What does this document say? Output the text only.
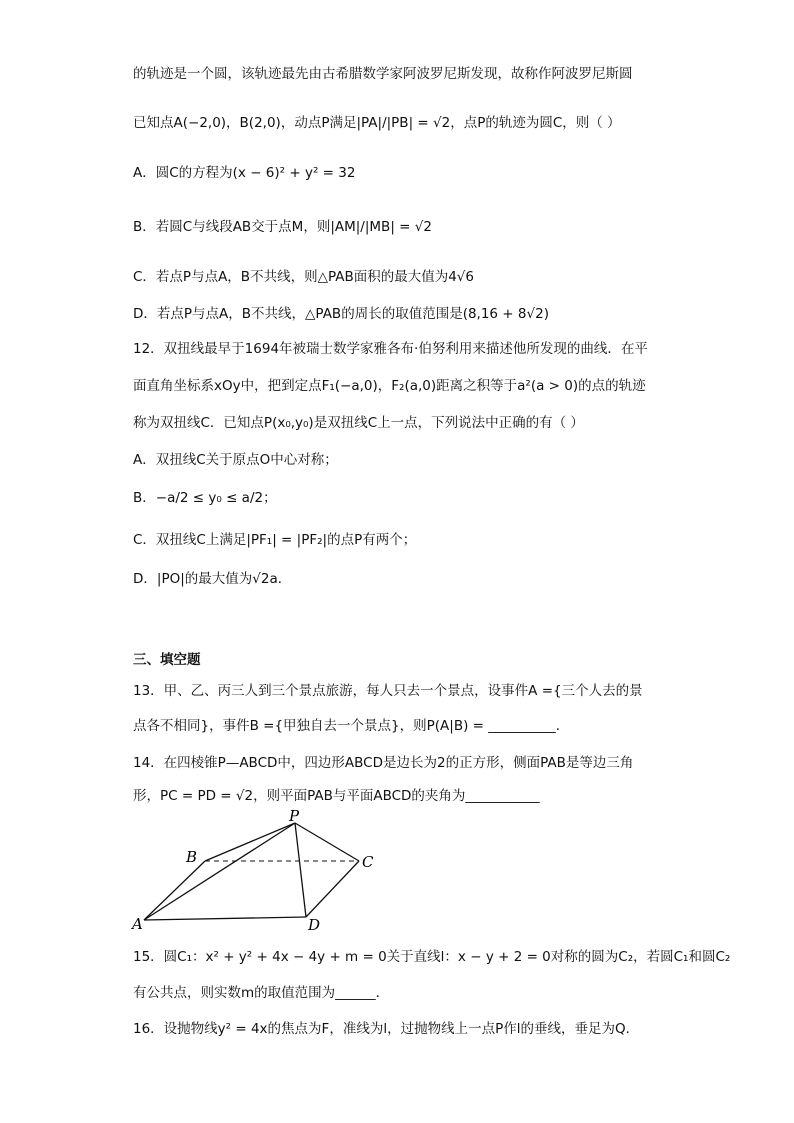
的轨迹是一个圆，该轨迹最先由古希腊数学家阿波罗尼斯发现，故称作阿波罗尼斯圆
已知点A(−2,0)，B(2,0)，动点P满足|PA|/|PB| = √2，点P的轨迹为圆C，则（ ）
A．圆C的方程为(x − 6)² + y² = 32
B．若圆C与线段AB交于点M，则|AM|/|MB| = √2
C．若点P与点A，B不共线，则△PAB面积的最大值为4√6
D．若点P与点A，B不共线，△PAB的周长的取值范围是(8,16 + 8√2)
12．双扭线最早于1694年被瑞士数学家雅各布·伯努利用来描述他所发现的曲线．在平
面直角坐标系xOy中，把到定点F₁(−a,0)，F₂(a,0)距离之积等于a²(a > 0)的点的轨迹
称为双扭线C．已知点P(x₀,y₀)是双扭线C上一点，下列说法中正确的有（ ）
A．双扭线C关于原点O中心对称；
B．−a/2 ≤ y₀ ≤ a/2；
C．双扭线C上满足|PF₁| = |PF₂|的点P有两个；
D．|PO|的最大值为√2a．
三、填空题
13．甲、乙、丙三人到三个景点旅游，每人只去一个景点，设事件A ={三个人去的景
点各不相同}，事件B ={甲独自去一个景点}，则P(A|B) = __________．
14．在四棱锥P—ABCD中，四边形ABCD是边长为2的正方形，侧面PAB是等边三角
形，PC = PD = √2，则平面PAB与平面ABCD的夹角为___________
P
B	C
A	D
15．圆C₁：x² + y² + 4x − 4y + m = 0关于直线l：x − y + 2 = 0对称的圆为C₂，若圆C₁和圆C₂
有公共点，则实数m的取值范围为______．
16．设抛物线y² = 4x的焦点为F，准线为l，过抛物线上一点P作l的垂线，垂足为Q．
